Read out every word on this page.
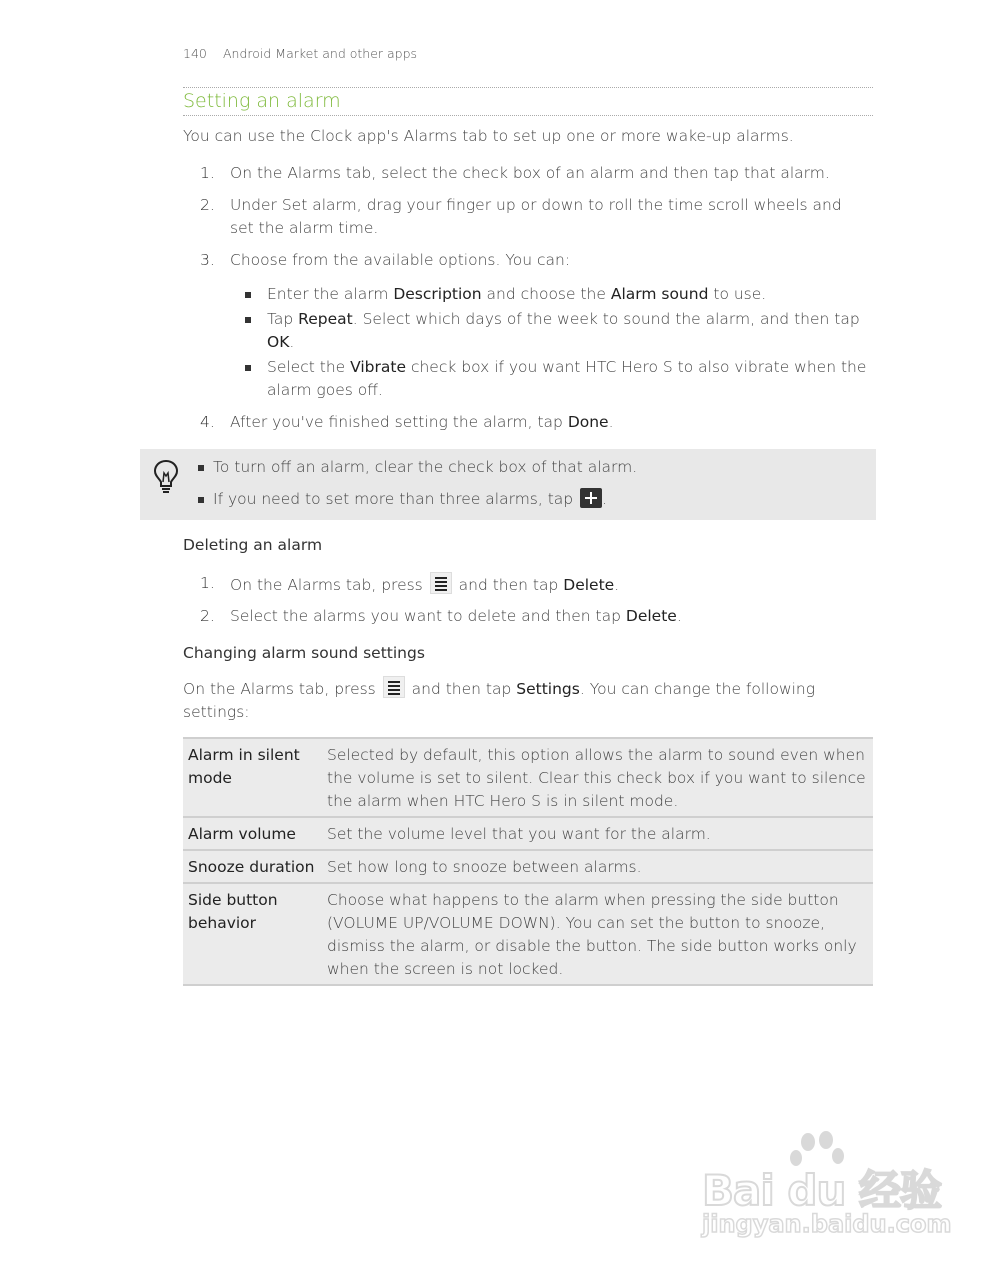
140 Android Market and other apps
Setting an alarm
You can use the Clock app's Alarms tab to set up one or more wake-up alarms.
1. On the Alarms tab, select the check box of an alarm and then tap that alarm.
2. Under Set alarm, drag your finger up or down to roll the time scroll wheels and set the alarm time.
3. Choose from the available options. You can:
Enter the alarm Description and choose the Alarm sound to use.
Tap Repeat. Select which days of the week to sound the alarm, and then tap OK.
Select the Vibrate check box if you want HTC Hero S to also vibrate when the alarm goes off.
4. After you've finished setting the alarm, tap Done.
To turn off an alarm, clear the check box of that alarm.
If you need to set more than three alarms, tap .
Deleting an alarm
1. On the Alarms tab, press and then tap Delete.
2. Select the alarms you want to delete and then tap Delete.
Changing alarm sound settings
On the Alarms tab, press and then tap Settings. You can change the following settings:
Alarm in silent mode	Selected by default, this option allows the alarm to sound even when the volume is set to silent. Clear this check box if you want to silence the alarm when HTC Hero S is in silent mode.
Alarm volume	Set the volume level that you want for the alarm.
Snooze duration	Set how long to snooze between alarms.
Side button behavior	Choose what happens to the alarm when pressing the side button (VOLUME UP/VOLUME DOWN). You can set the button to snooze, dismiss the alarm, or disable the button. The side button works only when the screen is not locked.
Bai du 经验
jingyan.baidu.com
